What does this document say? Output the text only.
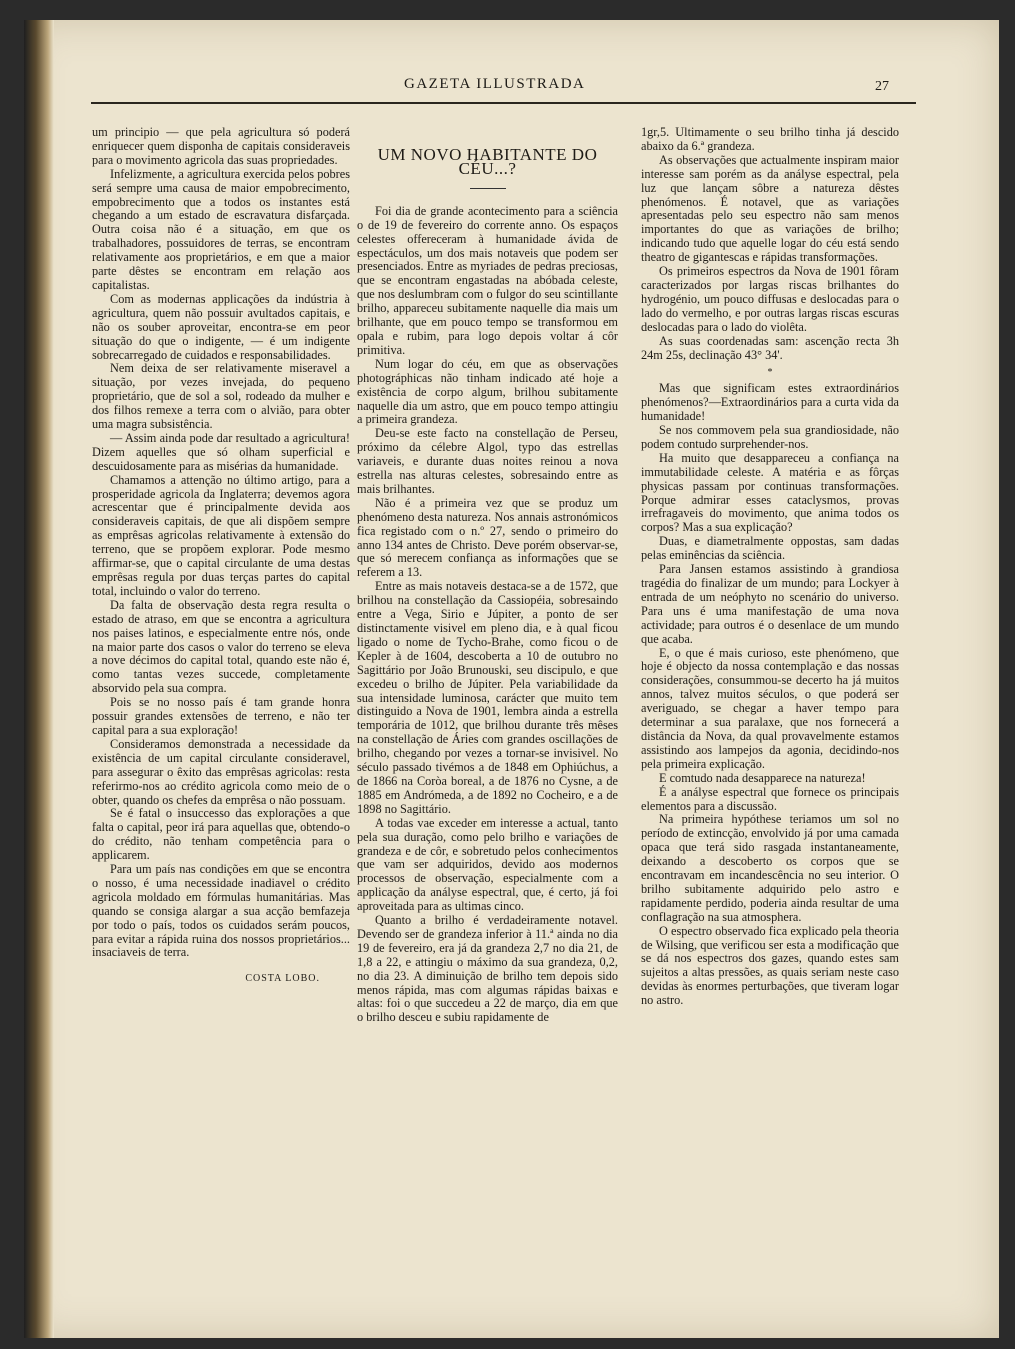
GAZETA ILLUSTRADA	27

um principio — que pela agricultura só poderá enriquecer quem disponha de capitais consideraveis para o movimento agricola das suas propriedades.

Infelizmente, a agricultura exercida pelos pobres será sempre uma causa de maior empobrecimento, empobrecimento que a todos os instantes está chegando a um estado de escravatura disfarçada. Outra coisa não é a situação, em que os trabalhadores, possuidores de terras, se encontram relativamente aos proprietários, e em que a maior parte dêstes se encontram em relação aos capitalistas.

Com as modernas applicações da indústria à agricultura, quem não possuir avultados capitais, e não os souber aproveitar, encontra-se em peor situação do que o indigente, — é um indigente sobrecarregado de cuidados e responsabilidades.

Nem deixa de ser relativamente miseravel a situação, por vezes invejada, do pequeno proprietário, que de sol a sol, rodeado da mulher e dos filhos remexe a terra com o alvião, para obter uma magra subsistência.

— Assim ainda pode dar resultado a agricultura! Dizem aquelles que só olham superficial e descuidosamente para as misérias da humanidade.

Chamamos a attenção no último artigo, para a prosperidade agricola da Inglaterra; devemos agora acrescentar que é principalmente devida aos consideraveis capitais, de que ali dispõem sempre as emprêsas agricolas relativamente à extensão do terreno, que se propõem explorar. Pode mesmo affirmar-se, que o capital circulante de uma destas emprêsas regula por duas terças partes do capital total, incluindo o valor do terreno.

Da falta de observação desta regra resulta o estado de atraso, em que se encontra a agricultura nos paises latinos, e especialmente entre nós, onde na maior parte dos casos o valor do terreno se eleva a nove décimos do capital total, quando este não é, como tantas vezes succede, completamente absorvido pela sua compra.

Pois se no nosso país é tam grande honra possuir grandes extensões de terreno, e não ter capital para a sua exploração!

Consideramos demonstrada a necessidade da existência de um capital circulante consideravel, para assegurar o êxito das emprêsas agricolas: resta referirmo-nos ao crédito agricola como meio de o obter, quando os chefes da emprêsa o não possuam.

Se é fatal o insuccesso das explorações a que falta o capital, peor irá para aquellas que, obtendo-o do crédito, não tenham competência para o applicarem.

Para um país nas condições em que se encontra o nosso, é uma necessidade inadiavel o crédito agricola moldado em fórmulas humanitárias. Mas quando se consiga alargar a sua acção bemfazeja por todo o país, todos os cuidados serám poucos, para evitar a rápida ruina dos nossos proprietários... insaciaveis de terra.

COSTA LOBO.
UM NOVO HABITANTE DO CÉU...?

Foi dia de grande acontecimento para a sciência o de 19 de fevereiro do corrente anno. Os espaços celestes offereceram à humanidade ávida de espectáculos, um dos mais notaveis que podem ser presenciados. Entre as myriades de pedras preciosas, que se encontram engastadas na abóbada celeste, que nos deslumbram com o fulgor do seu scintillante brilho, appareceu subitamente naquelle dia mais um brilhante, que em pouco tempo se transformou em opala e rubim, para logo depois voltar á côr primitiva.

Num logar do céu, em que as observações photográphicas não tinham indicado até hoje a existência de corpo algum, brilhou subitamente naquelle dia um astro, que em pouco tempo attingiu a primeira grandeza.

Deu-se este facto na constellação de Perseu, próximo da célebre Algol, typo das estrellas variaveis, e durante duas noites reinou a nova estrella nas alturas celestes, sobresaindo entre as mais brilhantes.

Não é a primeira vez que se produz um phenómeno desta natureza. Nos annais astronómicos fica registado com o n.º 27, sendo o primeiro do anno 134 antes de Christo. Deve porém observar-se, que só merecem confiança as informações que se referem a 13.

Entre as mais notaveis destaca-se a de 1572, que brilhou na constellação da Cassiopéia, sobresaindo entre a Vega, Sirio e Júpiter, a ponto de ser distinctamente visivel em pleno dia, e à qual ficou ligado o nome de Tycho-Brahe, como ficou o de Kepler à de 1604, descoberta a 10 de outubro no Sagittário por João Brunouski, seu discipulo, e que excedeu o brilho de Júpiter. Pela variabilidade da sua intensidade luminosa, carácter que muito tem distinguido a Nova de 1901, lembra ainda a estrella temporária de 1012, que brilhou durante três mêses na constellação de Áries com grandes oscillações de brilho, chegando por vezes a tornar-se invisivel. No século passado tivémos a de 1848 em Ophiúchus, a de 1866 na Coròa boreal, a de 1876 no Cysne, a de 1885 em Andrómeda, a de 1892 no Cocheiro, e a de 1898 no Sagittário.

A todas vae exceder em interesse a actual, tanto pela sua duração, como pelo brilho e variações de grandeza e de côr, e sobretudo pelos conhecimentos que vam ser adquiridos, devido aos modernos processos de observação, especialmente com a applicação da anályse espectral, que, é certo, já foi aproveitada para as ultimas cinco.

Quanto a brilho é verdadeiramente notavel. Devendo ser de grandeza inferior à 11.ª ainda no dia 19 de fevereiro, era já da grandeza 2,7 no dia 21, de 1,8 a 22, e attingiu o máximo da sua grandeza, 0,2, no dia 23. A diminuição de brilho tem depois sido menos rápida, mas com algumas rápidas baixas e altas: foi o que succedeu a 22 de março, dia em que o brilho desceu e subiu rapidamente de

1gr,5. Ultimamente o seu brilho tinha já descido abaixo da 6.ª grandeza.

As observações que actualmente inspiram maior interesse sam porém as da anályse espectral, pela luz que lançam sôbre a natureza dêstes phenómenos. É notavel, que as variações apresentadas pelo seu espectro não sam menos importantes do que as variações de brilho; indicando tudo que aquelle logar do céu está sendo theatro de gigantescas e rápidas transformações.

Os primeiros espectros da Nova de 1901 fôram caracterizados por largas riscas brilhantes do hydrogénio, um pouco diffusas e deslocadas para o lado do vermelho, e por outras largas riscas escuras deslocadas para o lado do violêta.

As suas coordenadas sam: ascenção recta 3h 24m 25s, declinação 43° 34'.

*

Mas que significam estes extraordinários phenómenos?—Extraordinários para a curta vida da humanidade!

Se nos commovem pela sua grandiosidade, não podem contudo surprehender-nos.

Ha muito que desappareceu a confiança na immutabilidade celeste. A matéria e as fôrças physicas passam por continuas transformações. Porque admirar esses cataclysmos, provas irrefragaveis do movimento, que anima todos os corpos? Mas a sua explicação?

Duas, e diametralmente oppostas, sam dadas pelas eminências da sciência.

Para Jansen estamos assistindo à grandiosa tragédia do finalizar de um mundo; para Lockyer à entrada de um neóphyto no scenário do universo. Para uns é uma manifestação de uma nova actividade; para outros é o desenlace de um mundo que acaba.

E, o que é mais curioso, este phenómeno, que hoje é objecto da nossa contemplação e das nossas considerações, consummou-se decerto ha já muitos annos, talvez muitos séculos, o que poderá ser averiguado, se chegar a haver tempo para determinar a sua paralaxe, que nos fornecerá a distância da Nova, da qual provavelmente estamos assistindo aos lampejos da agonia, decidindo-nos pela primeira explicação.

E comtudo nada desapparece na natureza!

É a anályse espectral que fornece os principais elementos para a discussão.

Na primeira hypóthese teriamos um sol no período de extincção, envolvido já por uma camada opaca que terá sido rasgada instantaneamente, deixando a descoberto os corpos que se encontravam em incandescência no seu interior. O brilho subitamente adquirido pelo astro e rapidamente perdido, poderia ainda resultar de uma conflagração na sua atmosphera.

O espectro observado fica explicado pela theoria de Wilsing, que verificou ser esta a modificação que se dá nos espectros dos gazes, quando estes sam sujeitos a altas pressões, as quais seriam neste caso devidas às enormes perturbações, que tiveram logar no astro.
